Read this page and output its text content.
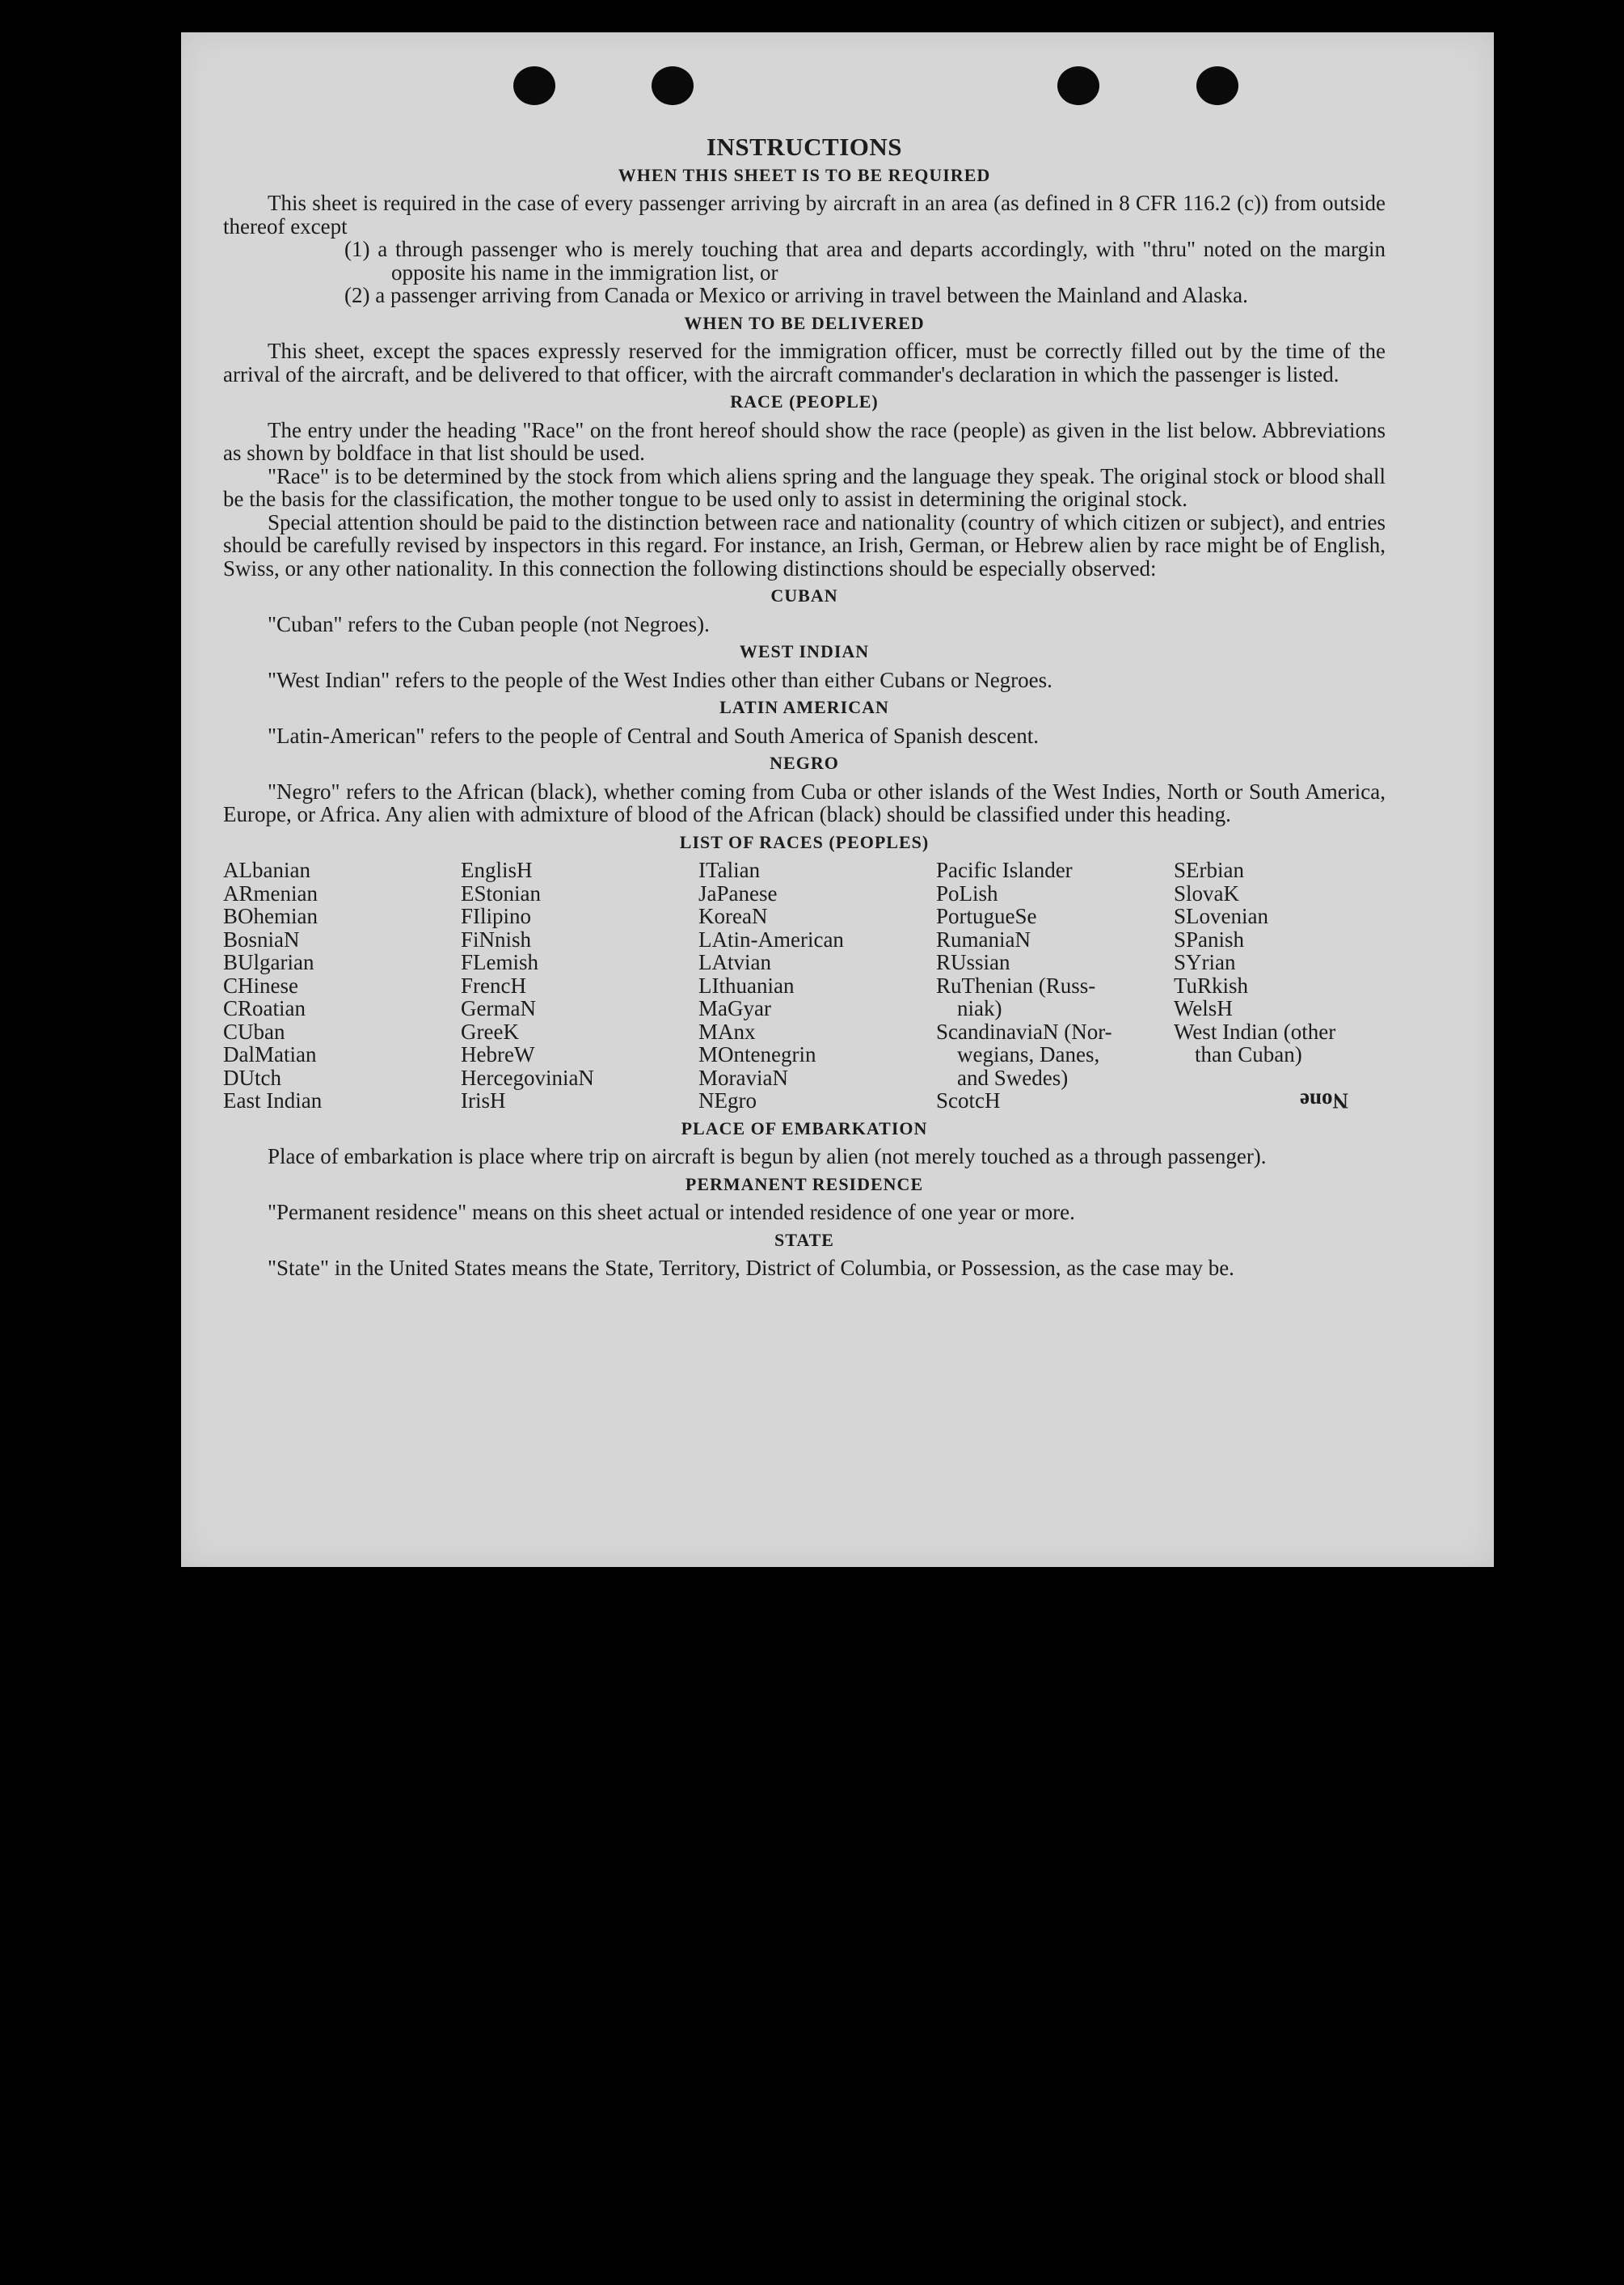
INSTRUCTIONS
WHEN THIS SHEET IS TO BE REQUIRED

This sheet is required in the case of every passenger arriving by aircraft in an area (as defined in 8 CFR 116.2 (c)) from outside thereof except

(1) a through passenger who is merely touching that area and departs accordingly, with "thru" noted on the margin opposite his name in the immigration list, or

(2) a passenger arriving from Canada or Mexico or arriving in travel between the Mainland and Alaska.

WHEN TO BE DELIVERED

This sheet, except the spaces expressly reserved for the immigration officer, must be correctly filled out by the time of the arrival of the aircraft, and be delivered to that officer, with the aircraft commander's declaration in which the passenger is listed.

RACE (PEOPLE)

The entry under the heading "Race" on the front hereof should show the race (people) as given in the list below. Abbreviations as shown by boldface in that list should be used.

"Race" is to be determined by the stock from which aliens spring and the language they speak. The original stock or blood shall be the basis for the classification, the mother tongue to be used only to assist in determining the original stock.

Special attention should be paid to the distinction between race and nationality (country of which citizen or subject), and entries should be carefully revised by inspectors in this regard. For instance, an Irish, German, or Hebrew alien by race might be of English, Swiss, or any other nationality. In this connection the following distinctions should be especially observed:

CUBAN

"Cuban" refers to the Cuban people (not Negroes).

WEST INDIAN

"West Indian" refers to the people of the West Indies other than either Cubans or Negroes.

LATIN AMERICAN

"Latin-American" refers to the people of Central and South America of Spanish descent.

NEGRO

"Negro" refers to the African (black), whether coming from Cuba or other islands of the West Indies, North or South America, Europe, or Africa. Any alien with admixture of blood of the African (black) should be classified under this heading.

LIST OF RACES (PEOPLES)
ALbanian
ARmenian
BOhemian
BosniaN
BUlgarian
CHinese
CRoatian
CUban
DalMatian
DUtch
East Indian
EnglisH
EStonian
FIlipino
FiNnish
FLemish
FrencH
GermaN
GreeK
HebreW
HercegoviniaN
IrisH
ITalian
JaPanese
KoreaN
LAtin-American
LAtvian
LIthuanian
MaGyar
MAnx
MOntenegrin
MoraviaN
NEgro
Pacific Islander
PoLish
PortugueSe
RumaniaN
RUssian
RuThenian (Russ-
niak)
ScandinaviaN (Nor-
wegians, Danes,
and Swedes)
ScotcH
SErbian
SlovaK
SLovenian
SPanish
SYrian
TuRkish
WelsH
West Indian (other
than Cuban)

None
PLACE OF EMBARKATION

Place of embarkation is place where trip on aircraft is begun by alien (not merely touched as a through passenger).

PERMANENT RESIDENCE

"Permanent residence" means on this sheet actual or intended residence of one year or more.

STATE

"State" in the United States means the State, Territory, District of Columbia, or Possession, as the case may be.
